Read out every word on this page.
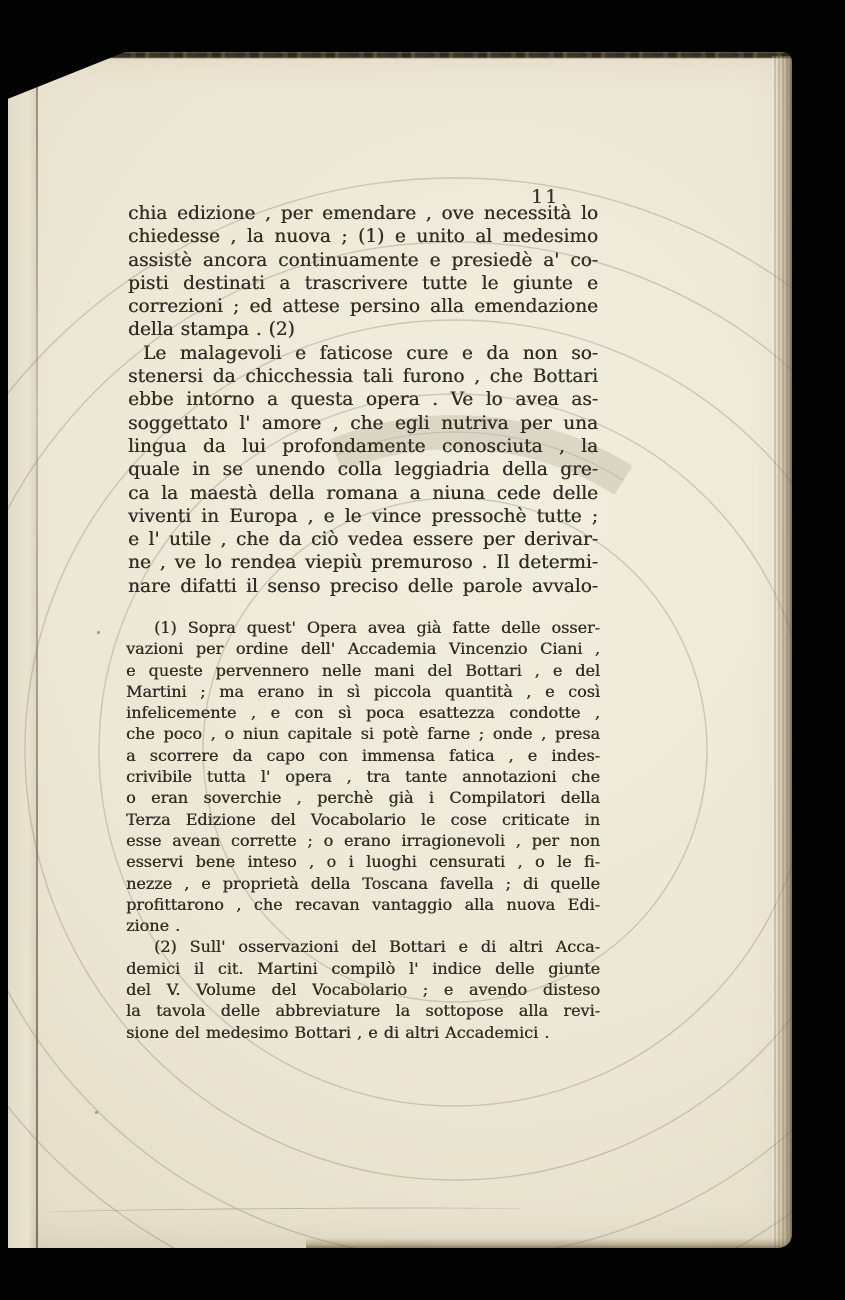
11
chia edizione , per emendare , ove necessità lo
chiedesse , la nuova ; (1) e unito al medesimo
assistè ancora continuamente e presiedè a' co-
pisti destinati a trascrivere tutte le giunte e
correzioni ; ed attese persino alla emendazione
della stampa . (2)
Le malagevoli e faticose cure e da non so-
stenersi da chicchessia tali furono , che Bottari
ebbe intorno a questa opera . Ve lo avea as-
soggettato l' amore , che egli nutriva per una
lingua da lui profondamente conosciuta , la
quale in se unendo colla leggiadria della gre-
ca la maestà della romana a niuna cede delle
viventi in Europa , e le vince pressochè tutte ;
e l' utile , che da ciò vedea essere per derivar-
ne , ve lo rendea viepiù premuroso . Il determi-
nare difatti il senso preciso delle parole avvalo-
(1) Sopra quest' Opera avea già fatte delle osser-
vazioni per ordine dell' Accademia Vincenzio Ciani ,
e queste pervennero nelle mani del Bottari , e del
Martini ; ma erano in sì piccola quantità , e così
infelicemente , e con sì poca esattezza condotte ,
che poco , o niun capitale si potè farne ; onde , presa
a scorrere da capo con immensa fatica , e indes-
crivibile tutta l' opera , tra tante annotazioni che
o eran soverchie , perchè già i Compilatori della
Terza Edizione del Vocabolario le cose criticate in
esse avean corrette ; o erano irragionevoli , per non
esservi bene inteso , o i luoghi censurati , o le fi-
nezze , e proprietà della Toscana favella ; di quelle
profittarono , che recavan vantaggio alla nuova Edi-
zione .
(2) Sull' osservazioni del Bottari e di altri Acca-
demici il cit. Martini compilò l' indice delle giunte
del V. Volume del Vocabolario ; e avendo disteso
la tavola delle abbreviature la sottopose alla revi-
sione del medesimo Bottari , e di altri Accademici .
